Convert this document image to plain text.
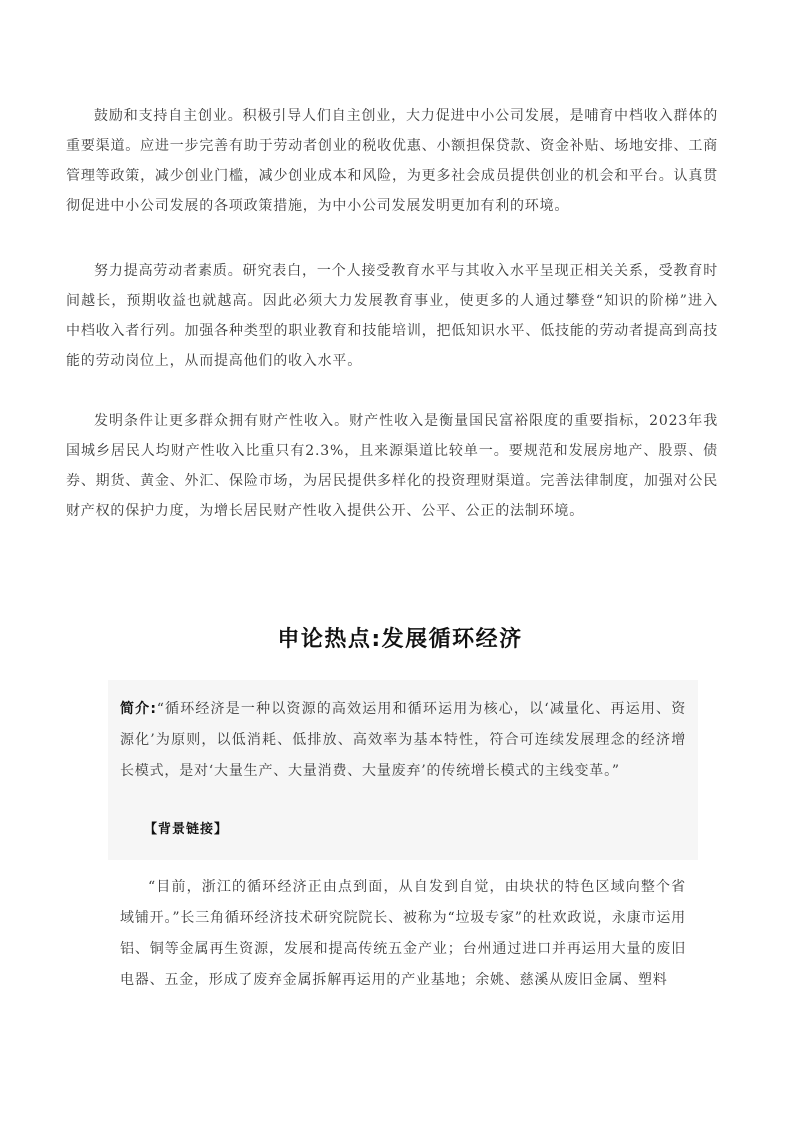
鼓励和支持自主创业。积极引导人们自主创业，大力促进中小公司发展，是哺育中档收入群体的重要渠道。应进一步完善有助于劳动者创业的税收优惠、小额担保贷款、资金补贴、场地安排、工商管理等政策，减少创业门槛，减少创业成本和风险，为更多社会成员提供创业的机会和平台。认真贯彻促进中小公司发展的各项政策措施，为中小公司发展发明更加有利的环境。

努力提高劳动者素质。研究表白，一个人接受教育水平与其收入水平呈现正相关关系，受教育时间越长，预期收益也就越高。因此必须大力发展教育事业，使更多的人通过攀登“知识的阶梯”进入中档收入者行列。加强各种类型的职业教育和技能培训，把低知识水平、低技能的劳动者提高到高技能的劳动岗位上，从而提高他们的收入水平。

发明条件让更多群众拥有财产性收入。财产性收入是衡量国民富裕限度的重要指标，2023年我国城乡居民人均财产性收入比重只有2.3%，且来源渠道比较单一。要规范和发展房地产、股票、债券、期货、黄金、外汇、保险市场，为居民提供多样化的投资理财渠道。完善法律制度，加强对公民财产权的保护力度，为增长居民财产性收入提供公开、公平、公正的法制环境。

申论热点:发展循环经济

简介:“循环经济是一种以资源的高效运用和循环运用为核心，以‘减量化、再运用、资源化’为原则，以低消耗、低排放、高效率为基本特性，符合可连续发展理念的经济增长模式，是对‘大量生产、大量消费、大量废弃’的传统增长模式的主线变革。”

【背景链接】

“目前，浙江的循环经济正由点到面，从自发到自觉，由块状的特色区域向整个省域铺开。”长三角循环经济技术研究院院长、被称为“垃圾专家”的杜欢政说，永康市运用铝、铜等金属再生资源，发展和提高传统五金产业；台州通过进口并再运用大量的废旧电器、五金，形成了废弃金属拆解再运用的产业基地；余姚、慈溪从废旧金属、塑料
